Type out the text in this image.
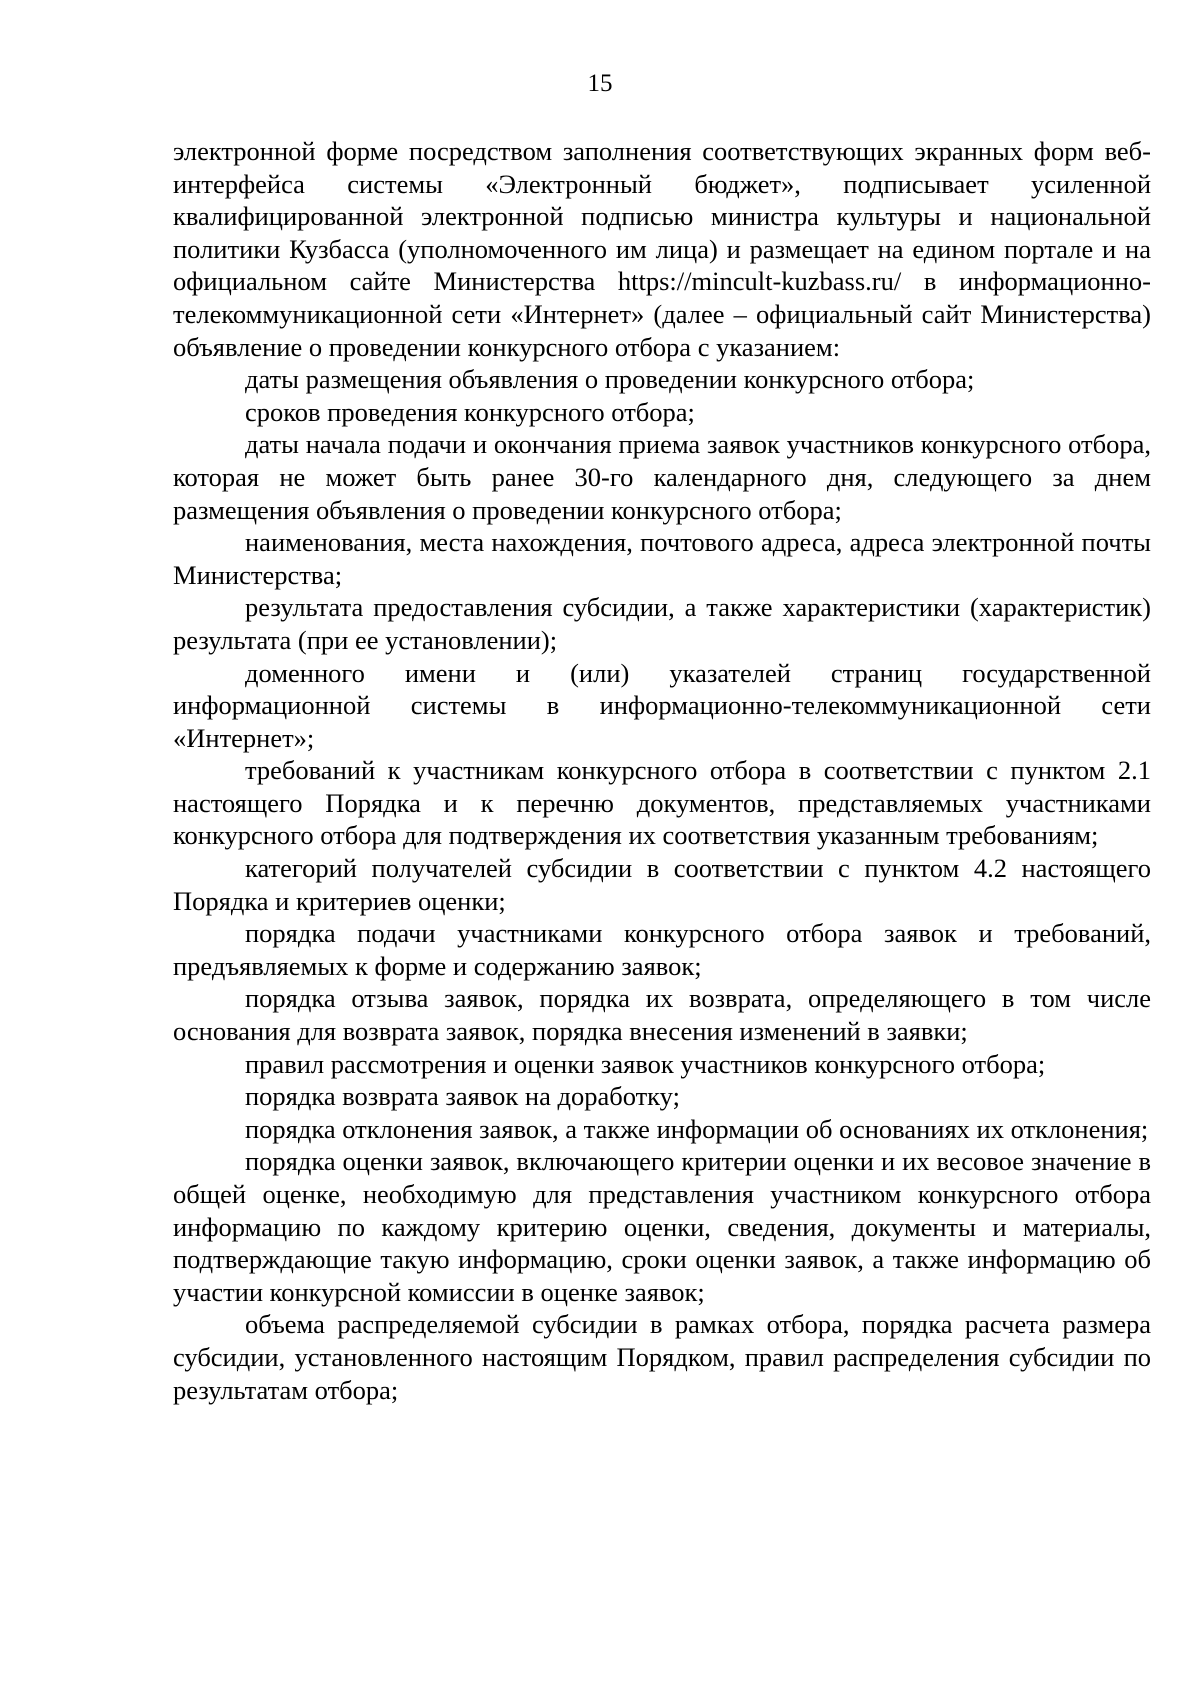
15

электронной форме посредством заполнения соответствующих экранных форм веб-интерфейса системы «Электронный бюджет», подписывает усиленной квалифицированной электронной подписью министра культуры и национальной политики Кузбасса (уполномоченного им лица) и размещает на едином портале и на официальном сайте Министерства https://mincult-kuzbass.ru/ в информационно-телекоммуникационной сети «Интернет» (далее – официальный сайт Министерства) объявление о проведении конкурсного отбора с указанием:

даты размещения объявления о проведении конкурсного отбора;

сроков проведения конкурсного отбора;

даты начала подачи и окончания приема заявок участников конкурсного отбора, которая не может быть ранее 30-го календарного дня, следующего за днем размещения объявления о проведении конкурсного отбора;

наименования, места нахождения, почтового адреса, адреса электронной почты Министерства;

результата предоставления субсидии, а также характеристики (характеристик) результата (при ее установлении);

доменного имени и (или) указателей страниц государственной информационной системы в информационно-телекоммуникационной сети «Интернет»;

требований к участникам конкурсного отбора в соответствии с пунктом 2.1 настоящего Порядка и к перечню документов, представляемых участниками конкурсного отбора для подтверждения их соответствия указанным требованиям;

категорий получателей субсидии в соответствии с пунктом 4.2 настоящего Порядка и критериев оценки;

порядка подачи участниками конкурсного отбора заявок и требований, предъявляемых к форме и содержанию заявок;

порядка отзыва заявок, порядка их возврата, определяющего в том числе основания для возврата заявок, порядка внесения изменений в заявки;

правил рассмотрения и оценки заявок участников конкурсного отбора;

порядка возврата заявок на доработку;

порядка отклонения заявок, а также информации об основаниях их отклонения;

порядка оценки заявок, включающего критерии оценки и их весовое значение в общей оценке, необходимую для представления участником конкурсного отбора информацию по каждому критерию оценки, сведения, документы и материалы, подтверждающие такую информацию, сроки оценки заявок, а также информацию об участии конкурсной комиссии в оценке заявок;

объема распределяемой субсидии в рамках отбора, порядка расчета размера субсидии, установленного настоящим Порядком, правил распределения субсидии по результатам отбора;
